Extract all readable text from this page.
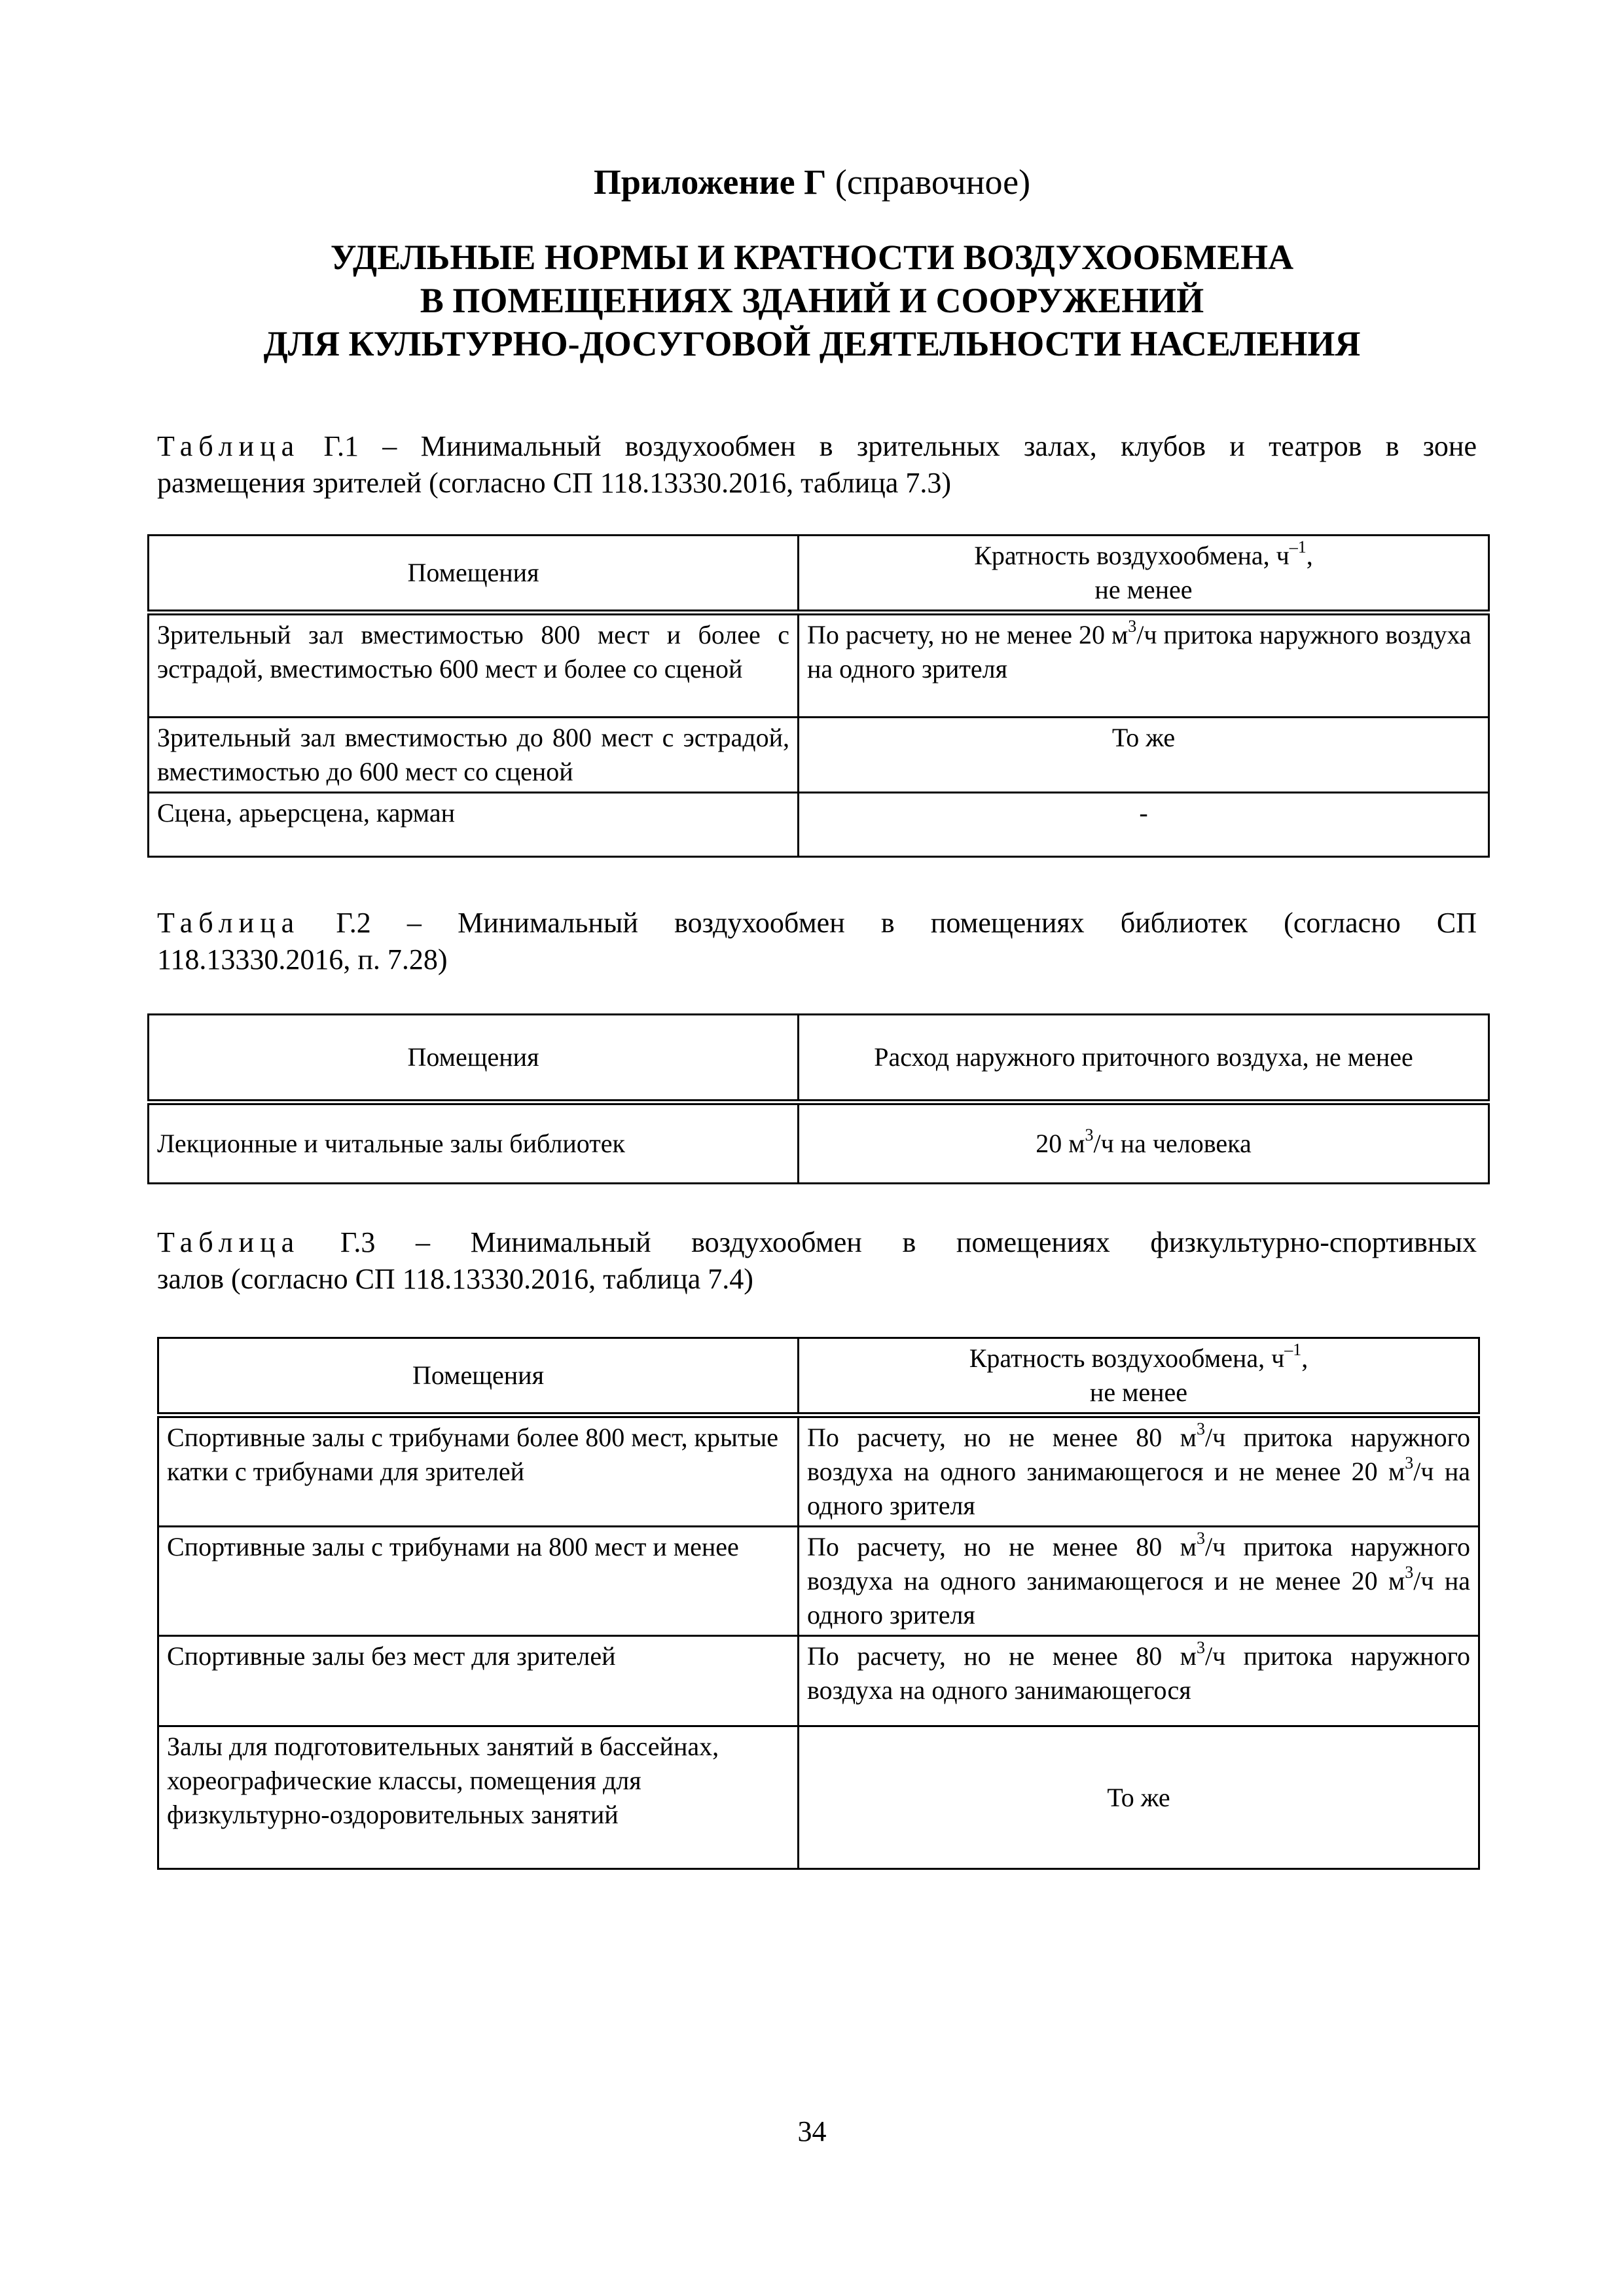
Приложение Г (справочное)
УДЕЛЬНЫЕ НОРМЫ И КРАТНОСТИ ВОЗДУХООБМЕНА
В ПОМЕЩЕНИЯХ ЗДАНИЙ И СООРУЖЕНИЙ
ДЛЯ КУЛЬТУРНО-ДОСУГОВОЙ ДЕЯТЕЛЬНОСТИ НАСЕЛЕНИЯ
Таблица Г.1 – Минимальный воздухообмен в зрительных залах, клубов и театров в зоне
размещения зрителей (согласно СП 118.13330.2016, таблица 7.3)
Помещения	Кратность воздухообмена, $ч^{-1}$,
не менее
Зрительный зал вместимостью 800 мест и более с эстрадой, вместимостью 600 мест и более со сценой	По расчету, но не менее 20 $м^3/ч$ притока наружного воздуха на одного зрителя
Зрительный зал вместимостью до 800 мест с эстрадой, вместимостью до 600 мест со сценой	То же
Сцена, арьерсцена, карман	-
Таблица Г.2 – Минимальный воздухообмен в помещениях библиотек (согласно СП
118.13330.2016, п. 7.28)
Помещения	Расход наружного приточного воздуха, не менее
Лекционные и читальные залы библиотек	20 $м^3/ч$ на человека
Таблица Г.3 – Минимальный воздухообмен в помещениях физкультурно-спортивных
залов (согласно СП 118.13330.2016, таблица 7.4)
Помещения	Кратность воздухообмена, $ч^{-1}$,
не менее
Спортивные залы с трибунами более 800 мест, крытые катки с трибунами для зрителей	По расчету, но не менее 80 $м^3/ч$ притока наружного воздуха на одного занимающегося и не менее 20 $м^3/ч$ на одного зрителя
Спортивные залы с трибунами на 800 мест и менее	По расчету, но не менее 80 $м^3/ч$ притока наружного воздуха на одного занимающегося и не менее 20 $м^3/ч$ на одного зрителя
Спортивные залы без мест для зрителей	По расчету, но не менее 80 $м^3/ч$ притока наружного воздуха на одного занимающегося
Залы для подготовительных занятий в бассейнах, хореографические классы, помещения для физкультурно-оздоровительных занятий	То же
34
